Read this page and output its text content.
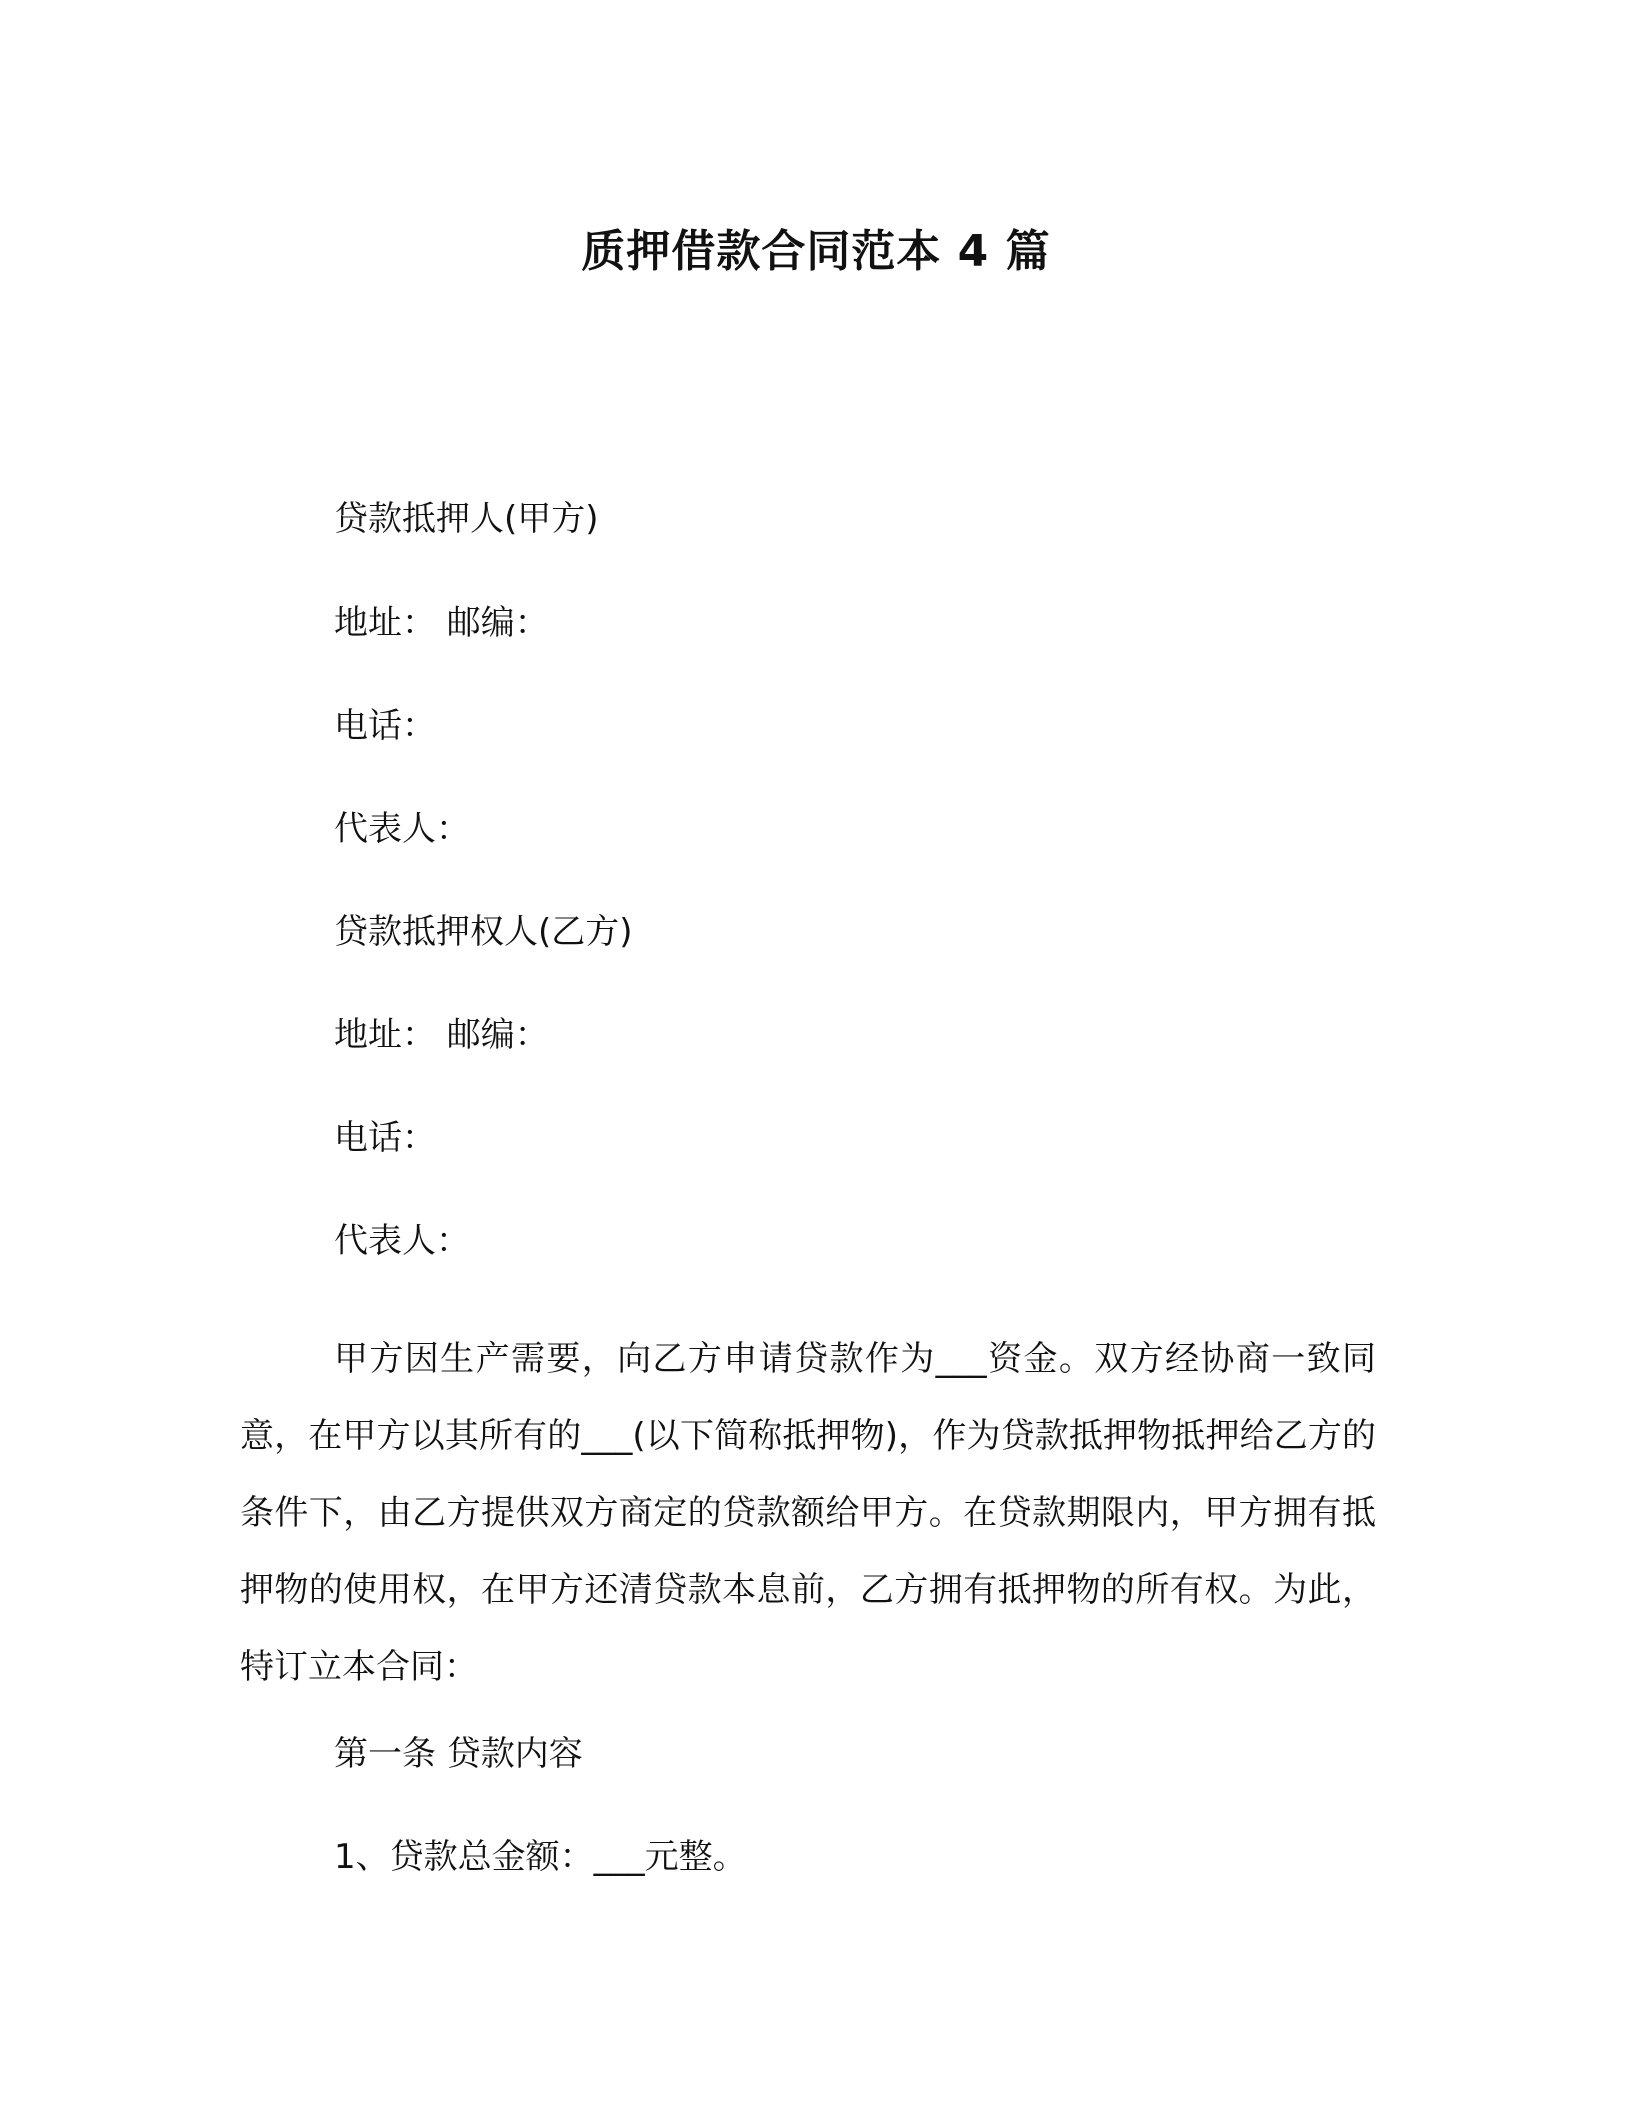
质押借款合同范本 4 篇
贷款抵押人(甲方)
地址： 邮编：
电话：
代表人：
贷款抵押权人(乙方)
地址： 邮编：
电话：
代表人：

甲方因生产需要，向乙方申请贷款作为___资金。双方经协商一致同意，在甲方以其所有的___(以下简称抵押物)，作为贷款抵押物抵押给乙方的条件下，由乙方提供双方商定的贷款额给甲方。在贷款期限内，甲方拥有抵押物的使用权，在甲方还清贷款本息前，乙方拥有抵押物的所有权。为此，特订立本合同：

第一条 贷款内容
1、贷款总金额：___元整。
